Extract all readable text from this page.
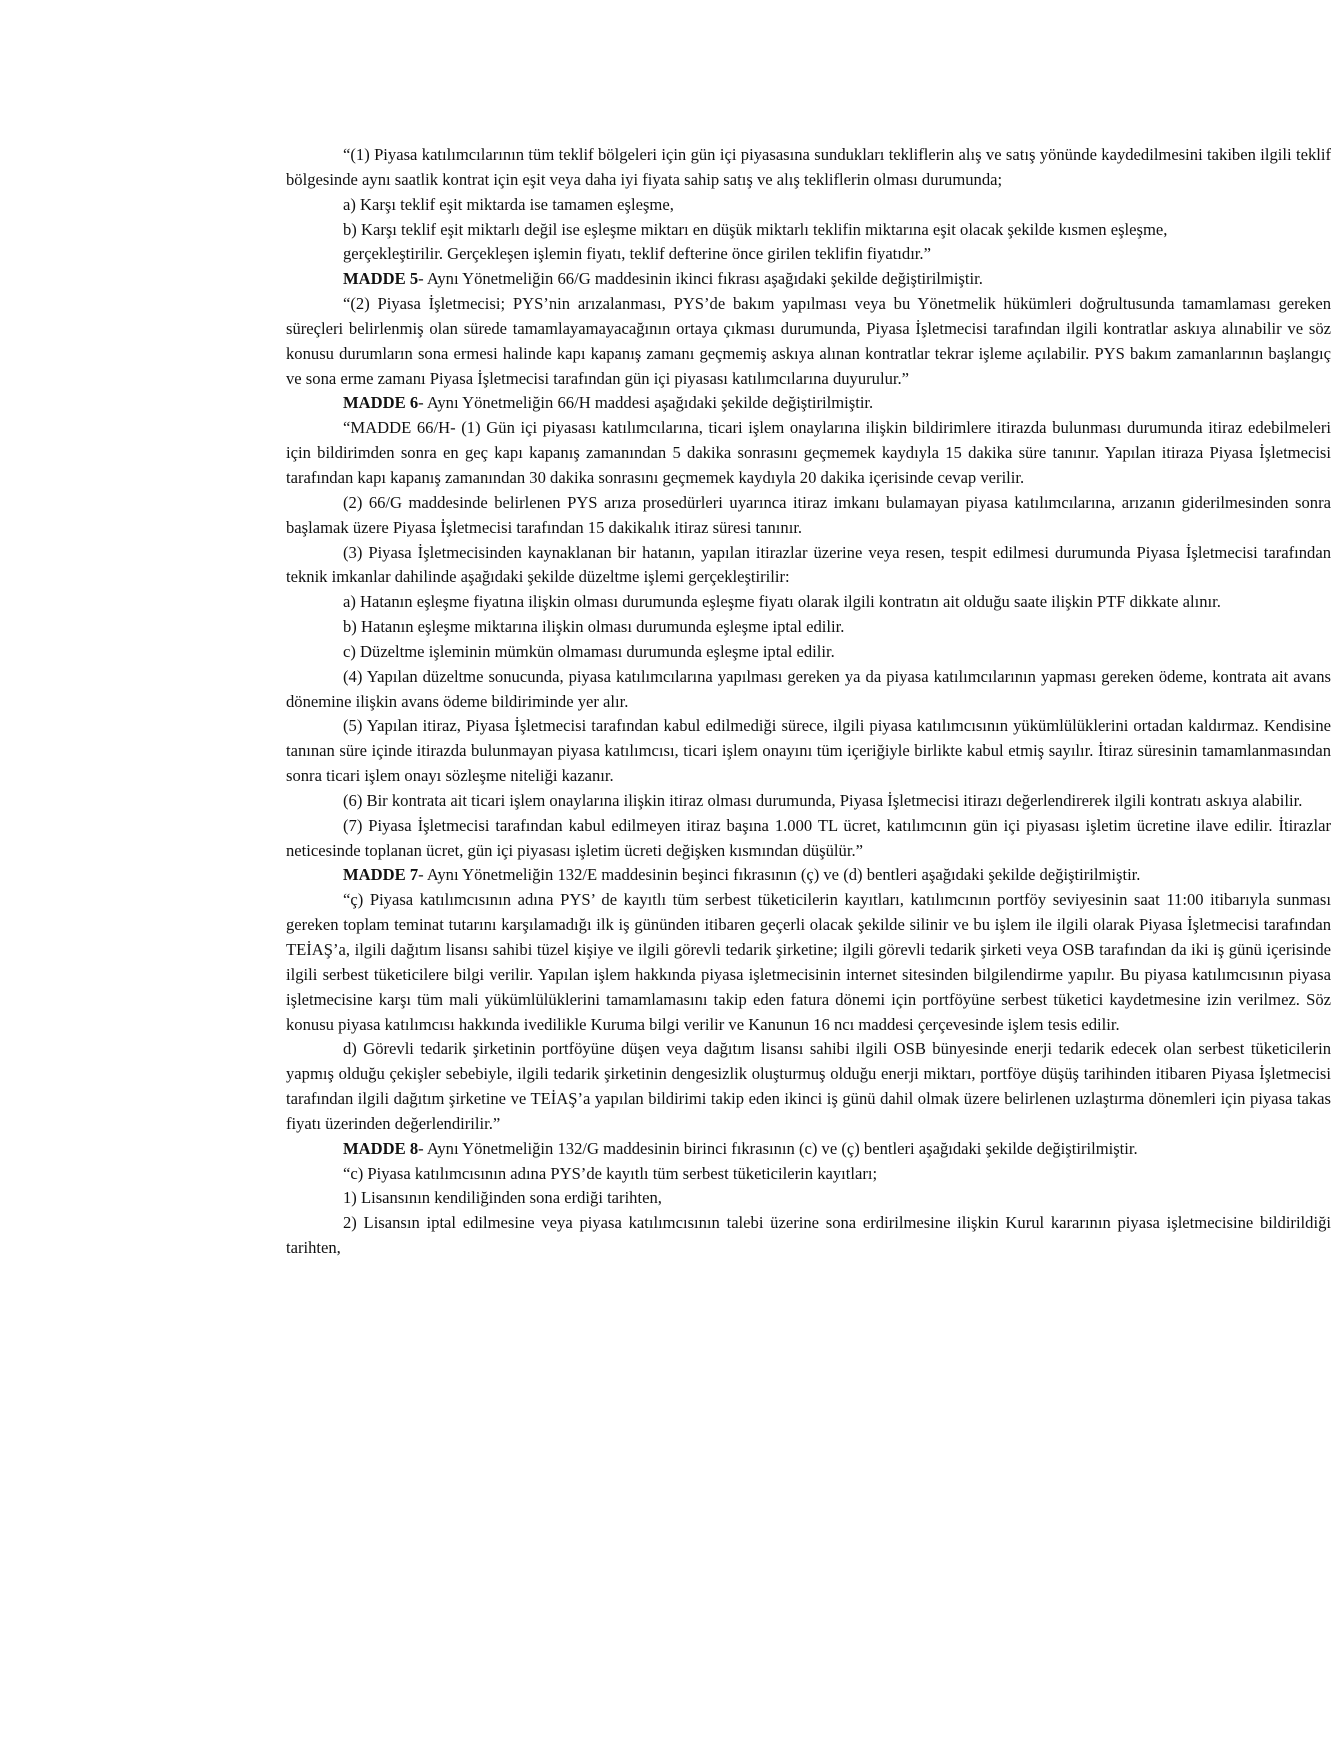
“(1) Piyasa katılımcılarının tüm teklif bölgeleri için gün içi piyasasına sundukları tekliflerin alış ve satış yönünde kaydedilmesini takiben ilgili teklif bölgesinde aynı saatlik kontrat için eşit veya daha iyi fiyata sahip satış ve alış tekliflerin olması durumunda;

a) Karşı teklif eşit miktarda ise tamamen eşleşme,

b) Karşı teklif eşit miktarlı değil ise eşleşme miktarı en düşük miktarlı teklifin miktarına eşit olacak şekilde kısmen eşleşme,

gerçekleştirilir. Gerçekleşen işlemin fiyatı, teklif defterine önce girilen teklifin fiyatıdır.”

MADDE 5- Aynı Yönetmeliğin 66/G maddesinin ikinci fıkrası aşağıdaki şekilde değiştirilmiştir.

“(2) Piyasa İşletmecisi; PYS’nin arızalanması, PYS’de bakım yapılması veya bu Yönetmelik hükümleri doğrultusunda tamamlaması gereken süreçleri belirlenmiş olan sürede tamamlayamayacağının ortaya çıkması durumunda, Piyasa İşletmecisi tarafından ilgili kontratlar askıya alınabilir ve söz konusu durumların sona ermesi halinde kapı kapanış zamanı geçmemiş askıya alınan kontratlar tekrar işleme açılabilir. PYS bakım zamanlarının başlangıç ve sona erme zamanı Piyasa İşletmecisi tarafından gün içi piyasası katılımcılarına duyurulur.”

MADDE 6- Aynı Yönetmeliğin 66/H maddesi aşağıdaki şekilde değiştirilmiştir.

“MADDE 66/H- (1) Gün içi piyasası katılımcılarına, ticari işlem onaylarına ilişkin bildirimlere itirazda bulunması durumunda itiraz edebilmeleri için bildirimden sonra en geç kapı kapanış zamanından 5 dakika sonrasını geçmemek kaydıyla 15 dakika süre tanınır. Yapılan itiraza Piyasa İşletmecisi tarafından kapı kapanış zamanından 30 dakika sonrasını geçmemek kaydıyla 20 dakika içerisinde cevap verilir.

(2) 66/G maddesinde belirlenen PYS arıza prosedürleri uyarınca itiraz imkanı bulamayan piyasa katılımcılarına, arızanın giderilmesinden sonra başlamak üzere Piyasa İşletmecisi tarafından 15 dakikalık itiraz süresi tanınır.

(3) Piyasa İşletmecisinden kaynaklanan bir hatanın, yapılan itirazlar üzerine veya resen, tespit edilmesi durumunda Piyasa İşletmecisi tarafından teknik imkanlar dahilinde aşağıdaki şekilde düzeltme işlemi gerçekleştirilir:

a) Hatanın eşleşme fiyatına ilişkin olması durumunda eşleşme fiyatı olarak ilgili kontratın ait olduğu saate ilişkin PTF dikkate alınır.

b) Hatanın eşleşme miktarına ilişkin olması durumunda eşleşme iptal edilir.

c) Düzeltme işleminin mümkün olmaması durumunda eşleşme iptal edilir.

(4) Yapılan düzeltme sonucunda, piyasa katılımcılarına yapılması gereken ya da piyasa katılımcılarının yapması gereken ödeme, kontrata ait avans dönemine ilişkin avans ödeme bildiriminde yer alır.

(5) Yapılan itiraz, Piyasa İşletmecisi tarafından kabul edilmediği sürece, ilgili piyasa katılımcısının yükümlülüklerini ortadan kaldırmaz. Kendisine tanınan süre içinde itirazda bulunmayan piyasa katılımcısı, ticari işlem onayını tüm içeriğiyle birlikte kabul etmiş sayılır. İtiraz süresinin tamamlanmasından sonra ticari işlem onayı sözleşme niteliği kazanır.

(6) Bir kontrata ait ticari işlem onaylarına ilişkin itiraz olması durumunda, Piyasa İşletmecisi itirazı değerlendirerek ilgili kontratı askıya alabilir.

(7) Piyasa İşletmecisi tarafından kabul edilmeyen itiraz başına 1.000 TL ücret, katılımcının gün içi piyasası işletim ücretine ilave edilir. İtirazlar neticesinde toplanan ücret, gün içi piyasası işletim ücreti değişken kısmından düşülür.”

MADDE 7- Aynı Yönetmeliğin 132/E maddesinin beşinci fıkrasının (ç) ve (d) bentleri aşağıdaki şekilde değiştirilmiştir.

“ç) Piyasa katılımcısının adına PYS’ de kayıtlı tüm serbest tüketicilerin kayıtları, katılımcının portföy seviyesinin saat 11:00 itibarıyla sunması gereken toplam teminat tutarını karşılamadığı ilk iş gününden itibaren geçerli olacak şekilde silinir ve bu işlem ile ilgili olarak Piyasa İşletmecisi tarafından TEİAŞ’a, ilgili dağıtım lisansı sahibi tüzel kişiye ve ilgili görevli tedarik şirketine; ilgili görevli tedarik şirketi veya OSB tarafından da iki iş günü içerisinde ilgili serbest tüketicilere bilgi verilir. Yapılan işlem hakkında piyasa işletmecisinin internet sitesinden bilgilendirme yapılır. Bu piyasa katılımcısının piyasa işletmecisine karşı tüm mali yükümlülüklerini tamamlamasını takip eden fatura dönemi için portföyüne serbest tüketici kaydetmesine izin verilmez. Söz konusu piyasa katılımcısı hakkında ivedilikle Kuruma bilgi verilir ve Kanunun 16 ncı maddesi çerçevesinde işlem tesis edilir.

d) Görevli tedarik şirketinin portföyüne düşen veya dağıtım lisansı sahibi ilgili OSB bünyesinde enerji tedarik edecek olan serbest tüketicilerin yapmış olduğu çekişler sebebiyle, ilgili tedarik şirketinin dengesizlik oluşturmuş olduğu enerji miktarı, portföye düşüş tarihinden itibaren Piyasa İşletmecisi tarafından ilgili dağıtım şirketine ve TEİAŞ’a yapılan bildirimi takip eden ikinci iş günü dahil olmak üzere belirlenen uzlaştırma dönemleri için piyasa takas fiyatı üzerinden değerlendirilir.”

MADDE 8- Aynı Yönetmeliğin 132/G maddesinin birinci fıkrasının (c) ve (ç) bentleri aşağıdaki şekilde değiştirilmiştir.

“c) Piyasa katılımcısının adına PYS’de kayıtlı tüm serbest tüketicilerin kayıtları;

1) Lisansının kendiliğinden sona erdiği tarihten,

2) Lisansın iptal edilmesine veya piyasa katılımcısının talebi üzerine sona erdirilmesine ilişkin Kurul kararının piyasa işletmecisine bildirildiği tarihten,
